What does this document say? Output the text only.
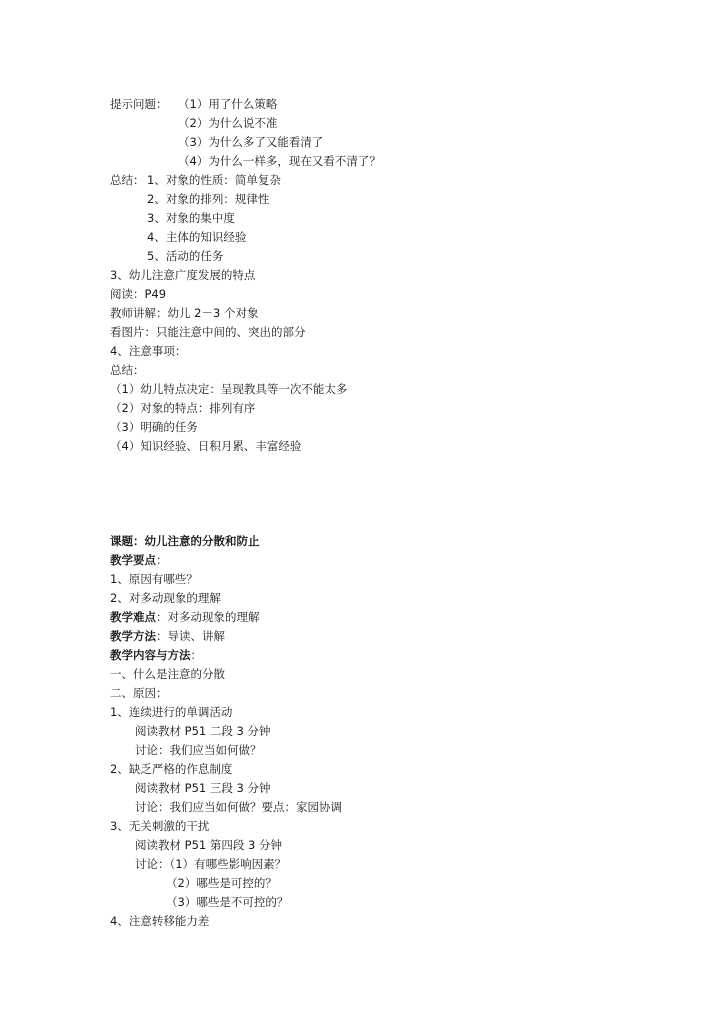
提示问题： （1）用了什么策略
（2）为什么说不准
（3）为什么多了又能看清了
（4）为什么一样多，现在又看不清了？
总结： 1、对象的性质：简单复杂
2、对象的排列：规律性
3、对象的集中度
4、主体的知识经验
5、活动的任务
3、幼儿注意广度发展的特点
阅读：P49
教师讲解：幼儿 2－3 个对象
看图片：只能注意中间的、突出的部分
4、注意事项：
总结：
（1）幼儿特点决定：呈现教具等一次不能太多
（2）对象的特点：排列有序
（3）明确的任务
（4）知识经验、日积月累、丰富经验
课题：幼儿注意的分散和防止
教学要点：
1、原因有哪些？
2、对多动现象的理解
教学难点：对多动现象的理解
教学方法：导读、讲解
教学内容与方法：
一、什么是注意的分散
二、原因：
1、连续进行的单调活动
阅读教材 P51 二段 3 分钟
讨论：我们应当如何做？
2、缺乏严格的作息制度
阅读教材 P51 三段 3 分钟
讨论：我们应当如何做？要点：家园协调
3、无关刺激的干扰
阅读教材 P51 第四段 3 分钟
讨论：（1）有哪些影响因素？
（2）哪些是可控的？
（3）哪些是不可控的？
4、注意转移能力差
